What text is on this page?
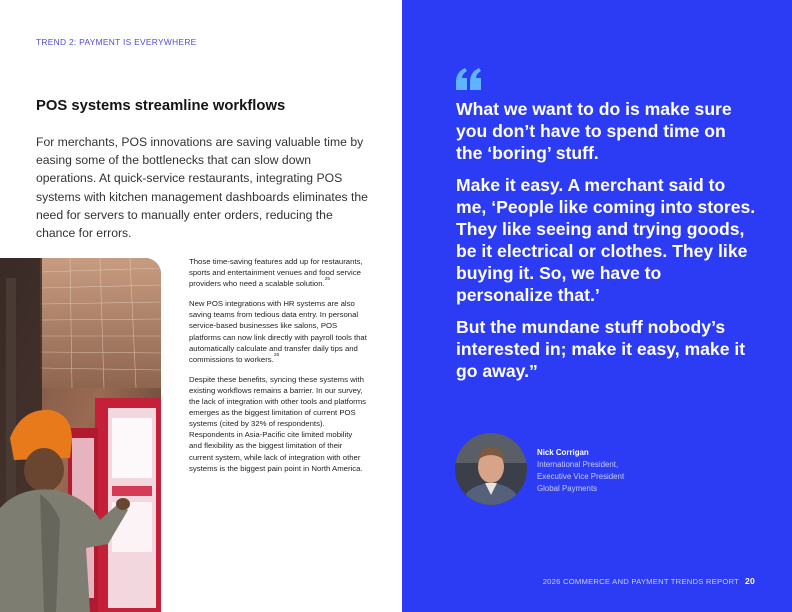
TREND 2: PAYMENT IS EVERYWHERE
POS systems streamline workflows

For merchants, POS innovations are saving valuable time by easing some of the bottlenecks that can slow down operations. At quick-service restaurants, integrating POS systems with kitchen management dashboards eliminates the need for servers to manually enter orders, reducing the chance for errors.

Those time-saving features add up for restaurants, sports and entertainment venues and food service providers who need a scalable solution.$^{25}$

New POS integrations with HR systems are also saving teams from tedious data entry. In personal service-based businesses like salons, POS platforms can now link directly with payroll tools that automatically calculate and transfer daily tips and commissions to workers.$^{26}$

Despite these benefits, syncing these systems with existing workflows remains a barrier. In our survey, the lack of integration with other tools and platforms emerges as the biggest limitation of current POS systems (cited by 32% of respondents). Respondents in Asia-Pacific cite limited mobility and flexibility as the biggest limitation of their current system, while lack of integration with other systems is the biggest pain point in North America.

What we want to do is make sure you don’t have to spend time on the ‘boring’ stuff.

Make it easy. A merchant said to me, ‘People like coming into stores. They like seeing and trying goods, be it electrical or clothes. They like buying it. So, we have to personalize that.’

But the mundane stuff nobody’s interested in; make it easy, make it go away.”

Nick Corrigan
International President,
Executive Vice President
Global Payments
2026 COMMERCE AND PAYMENT TRENDS REPORT 20
